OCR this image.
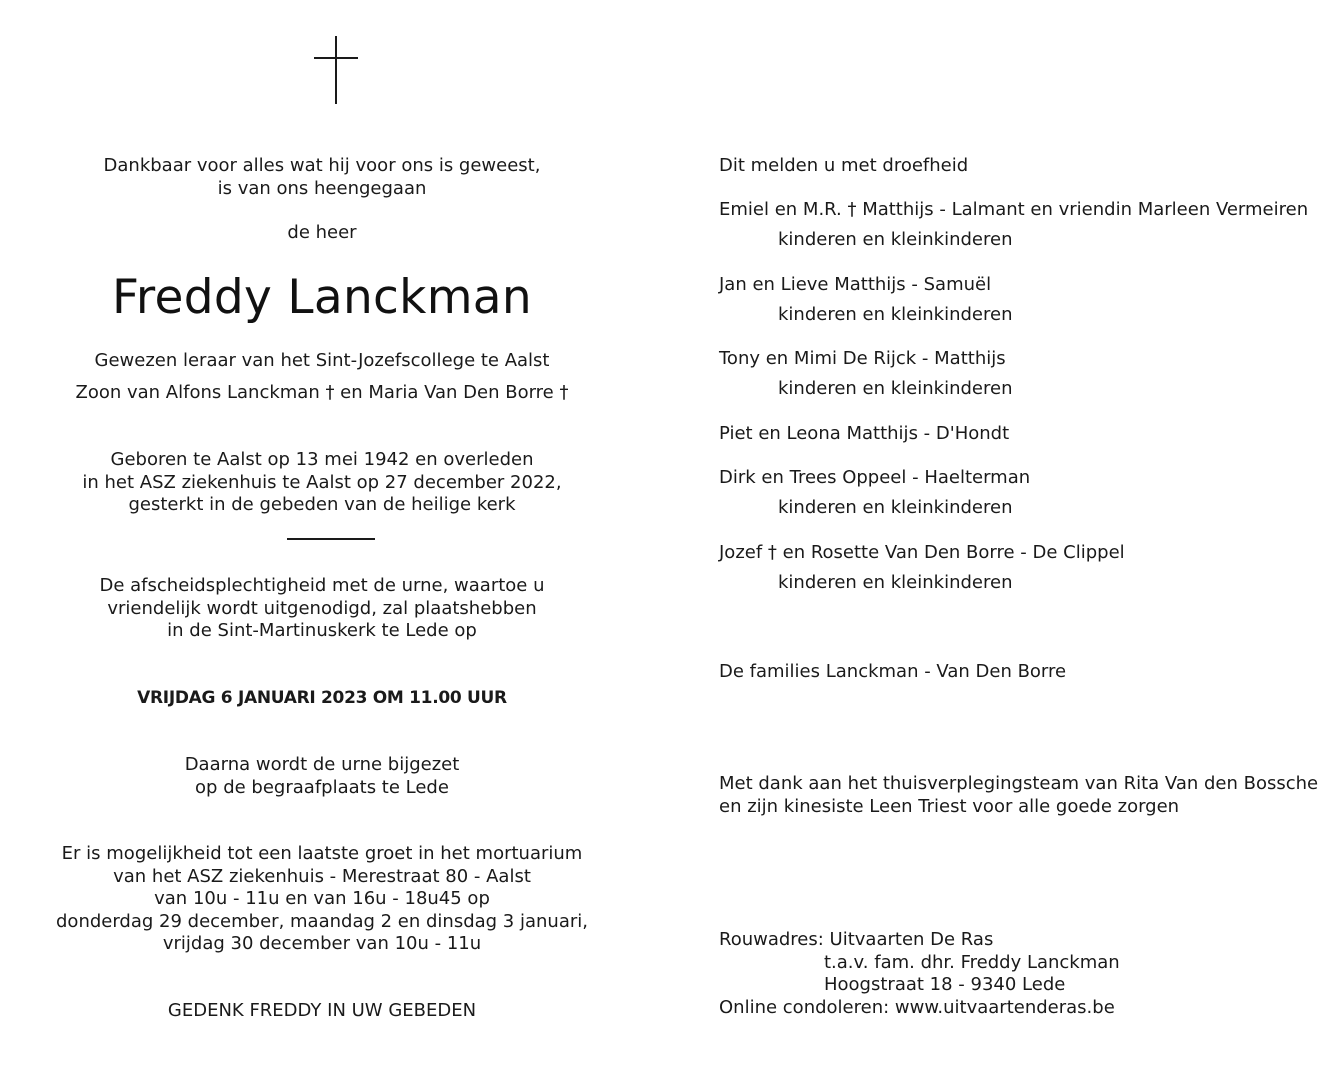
Dankbaar voor alles wat hij voor ons is geweest,
is van ons heengegaan
de heer
Freddy Lanckman
Gewezen leraar van het Sint-Jozefscollege te Aalst
Zoon van Alfons Lanckman † en Maria Van Den Borre †
Geboren te Aalst op 13 mei 1942 en overleden
in het ASZ ziekenhuis te Aalst op 27 december 2022,
gesterkt in de gebeden van de heilige kerk
De afscheidsplechtigheid met de urne, waartoe u
vriendelijk wordt uitgenodigd, zal plaatshebben
in de Sint-Martinuskerk te Lede op
VRIJDAG 6 JANUARI 2023 OM 11.00 UUR
Daarna wordt de urne bijgezet
op de begraafplaats te Lede
Er is mogelijkheid tot een laatste groet in het mortuarium
van het ASZ ziekenhuis - Merestraat 80 - Aalst
van 10u - 11u en van 16u - 18u45 op
donderdag 29 december, maandag 2 en dinsdag 3 januari,
vrijdag 30 december van 10u - 11u
GEDENK FREDDY IN UW GEBEDEN
Dit melden u met droefheid
Emiel en M.R. † Matthijs - Lalmant en vriendin Marleen Vermeiren
kinderen en kleinkinderen
Jan en Lieve Matthijs - Samuël
kinderen en kleinkinderen
Tony en Mimi De Rijck - Matthijs
kinderen en kleinkinderen
Piet en Leona Matthijs - D'Hondt
Dirk en Trees Oppeel - Haelterman
kinderen en kleinkinderen
Jozef † en Rosette Van Den Borre - De Clippel
kinderen en kleinkinderen
De families Lanckman - Van Den Borre
Met dank aan het thuisverplegingsteam van Rita Van den Bossche
en zijn kinesiste Leen Triest voor alle goede zorgen
Rouwadres: Uitvaarten De Ras
t.a.v. fam. dhr. Freddy Lanckman
Hoogstraat 18 - 9340 Lede
Online condoleren: www.uitvaartenderas.be
